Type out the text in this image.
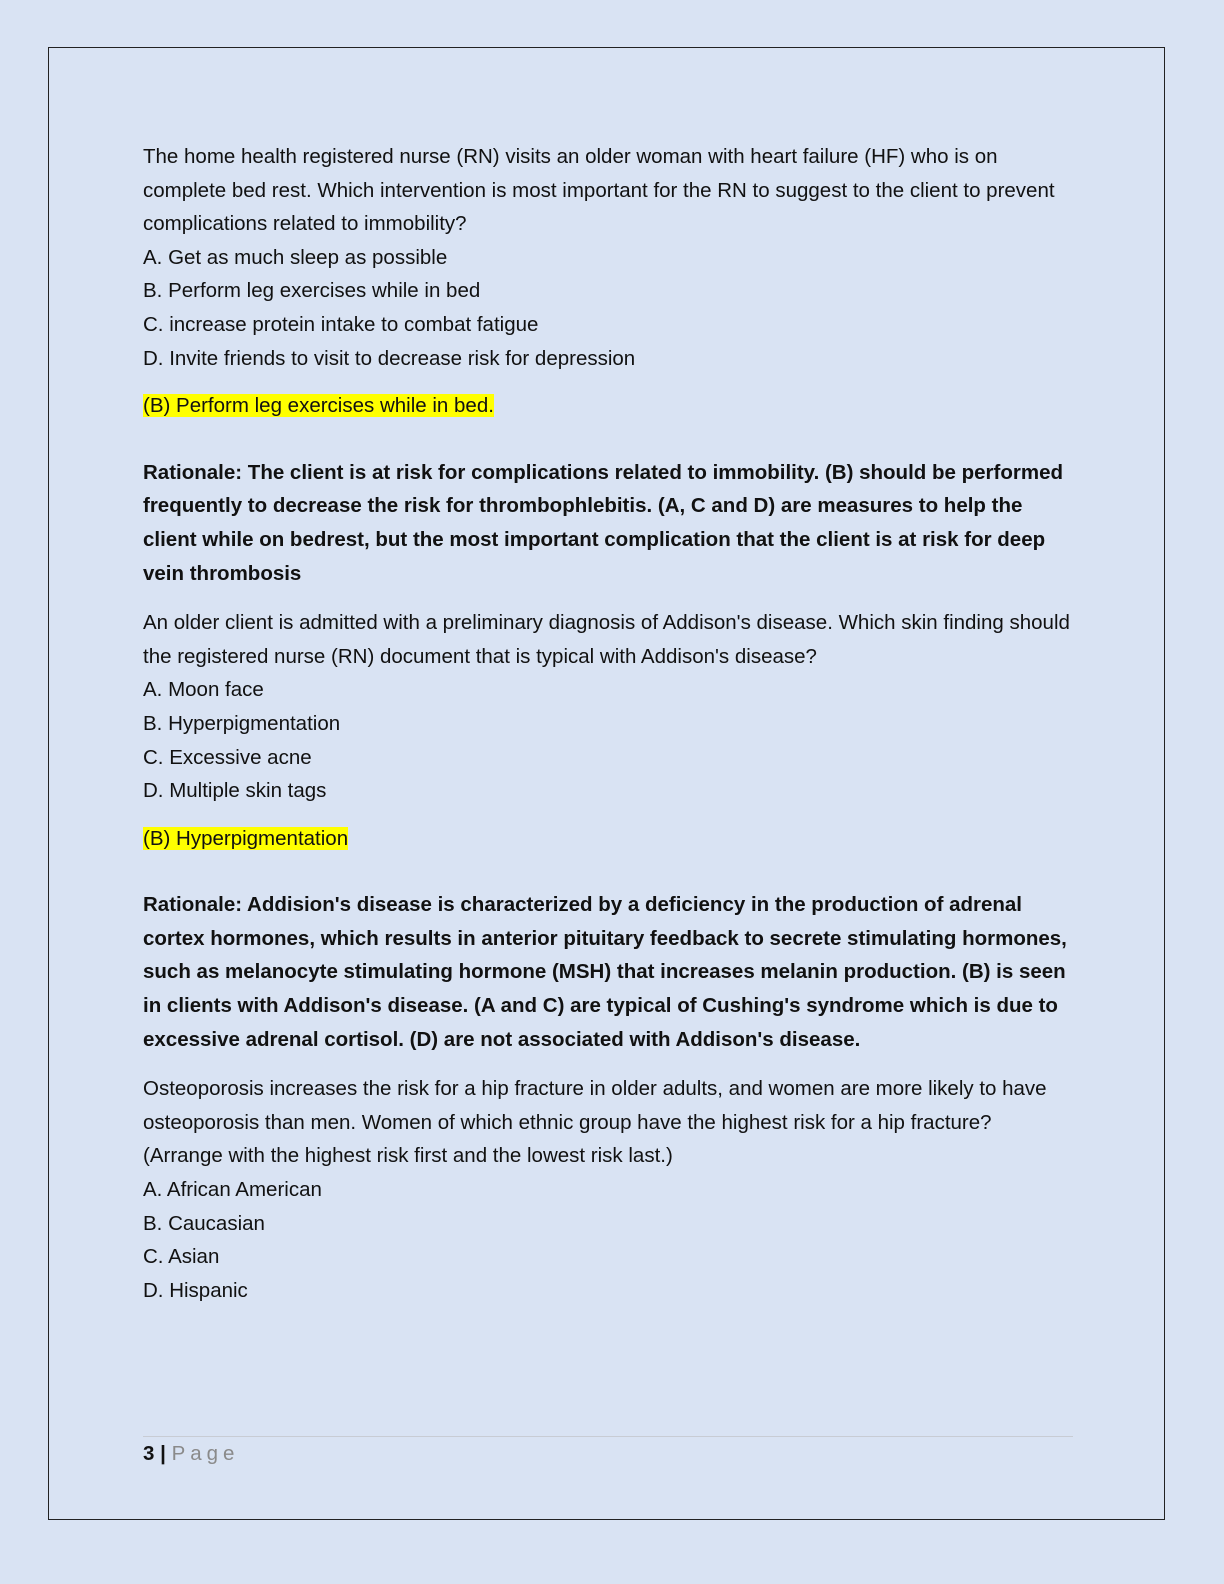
The home health registered nurse (RN) visits an older woman with heart failure (HF) who is on complete bed rest. Which intervention is most important for the RN to suggest to the client to prevent complications related to immobility?

A. Get as much sleep as possible

B. Perform leg exercises while in bed

C. increase protein intake to combat fatigue

D. Invite friends to visit to decrease risk for depression

(B) Perform leg exercises while in bed.

Rationale: The client is at risk for complications related to immobility. (B) should be performed frequently to decrease the risk for thrombophlebitis. (A, C and D) are measures to help the client while on bedrest, but the most important complication that the client is at risk for deep vein thrombosis

An older client is admitted with a preliminary diagnosis of Addison's disease. Which skin finding should the registered nurse (RN) document that is typical with Addison's disease?

A. Moon face

B. Hyperpigmentation

C. Excessive acne

D. Multiple skin tags

(B) Hyperpigmentation

Rationale: Addision's disease is characterized by a deficiency in the production of adrenal cortex hormones, which results in anterior pituitary feedback to secrete stimulating hormones, such as melanocyte stimulating hormone (MSH) that increases melanin production. (B) is seen in clients with Addison's disease. (A and C) are typical of Cushing's syndrome which is due to excessive adrenal cortisol. (D) are not associated with Addison's disease.

Osteoporosis increases the risk for a hip fracture in older adults, and women are more likely to have osteoporosis than men. Women of which ethnic group have the highest risk for a hip fracture? (Arrange with the highest risk first and the lowest risk last.)

A. African American

B. Caucasian

C. Asian

D. Hispanic

3 | Page
